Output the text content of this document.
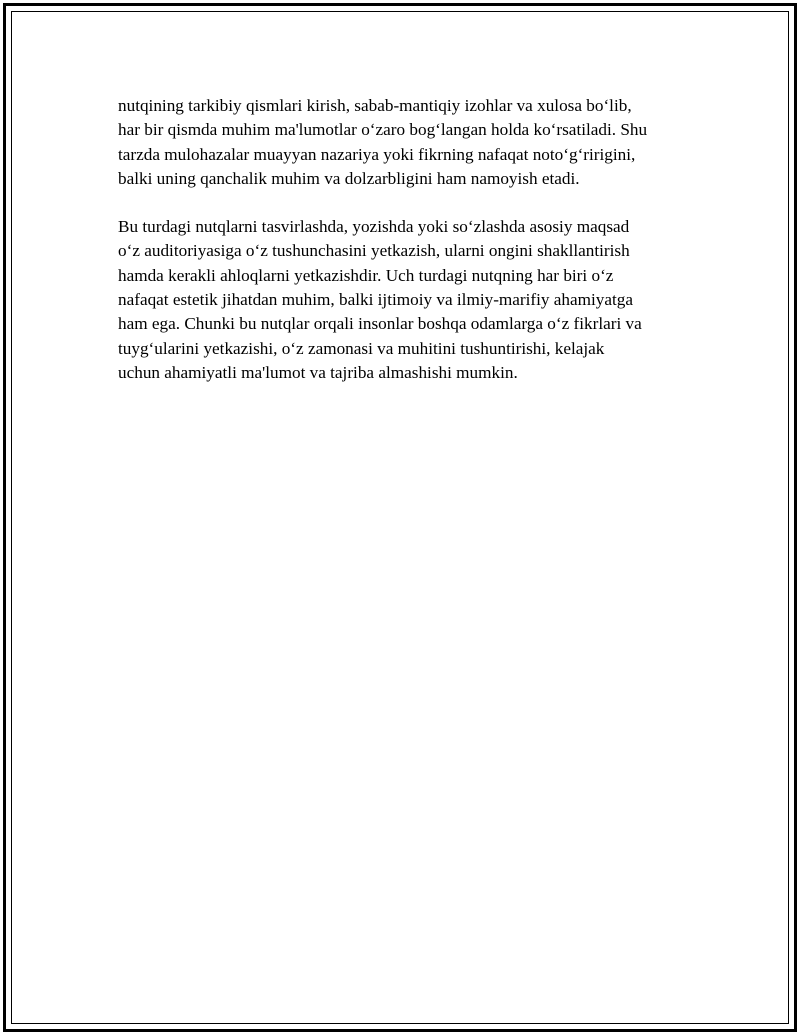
nutqining tarkibiy qismlari kirish, sabab-mantiqiy izohlar va xulosa bo‘lib,
har bir qismda muhim ma'lumotlar o‘zaro bog‘langan holda ko‘rsatiladi. Shu
tarzda mulohazalar muayyan nazariya yoki fikrning nafaqat noto‘g‘ririgini,
balki uning qanchalik muhim va dolzarbligini ham namoyish etadi.

Bu turdagi nutqlarni tasvirlashda, yozishda yoki so‘zlashda asosiy maqsad
o‘z auditoriyasiga o‘z tushunchasini yetkazish, ularni ongini shakllantirish
hamda kerakli ahloqlarni yetkazishdir. Uch turdagi nutqning har biri o‘z
nafaqat estetik jihatdan muhim, balki ijtimoiy va ilmiy-marifiy ahamiyatga
ham ega. Chunki bu nutqlar orqali insonlar boshqa odamlarga o‘z fikrlari va
tuyg‘ularini yetkazishi, o‘z zamonasi va muhitini tushuntirishi, kelajak
uchun ahamiyatli ma'lumot va tajriba almashishi mumkin.
